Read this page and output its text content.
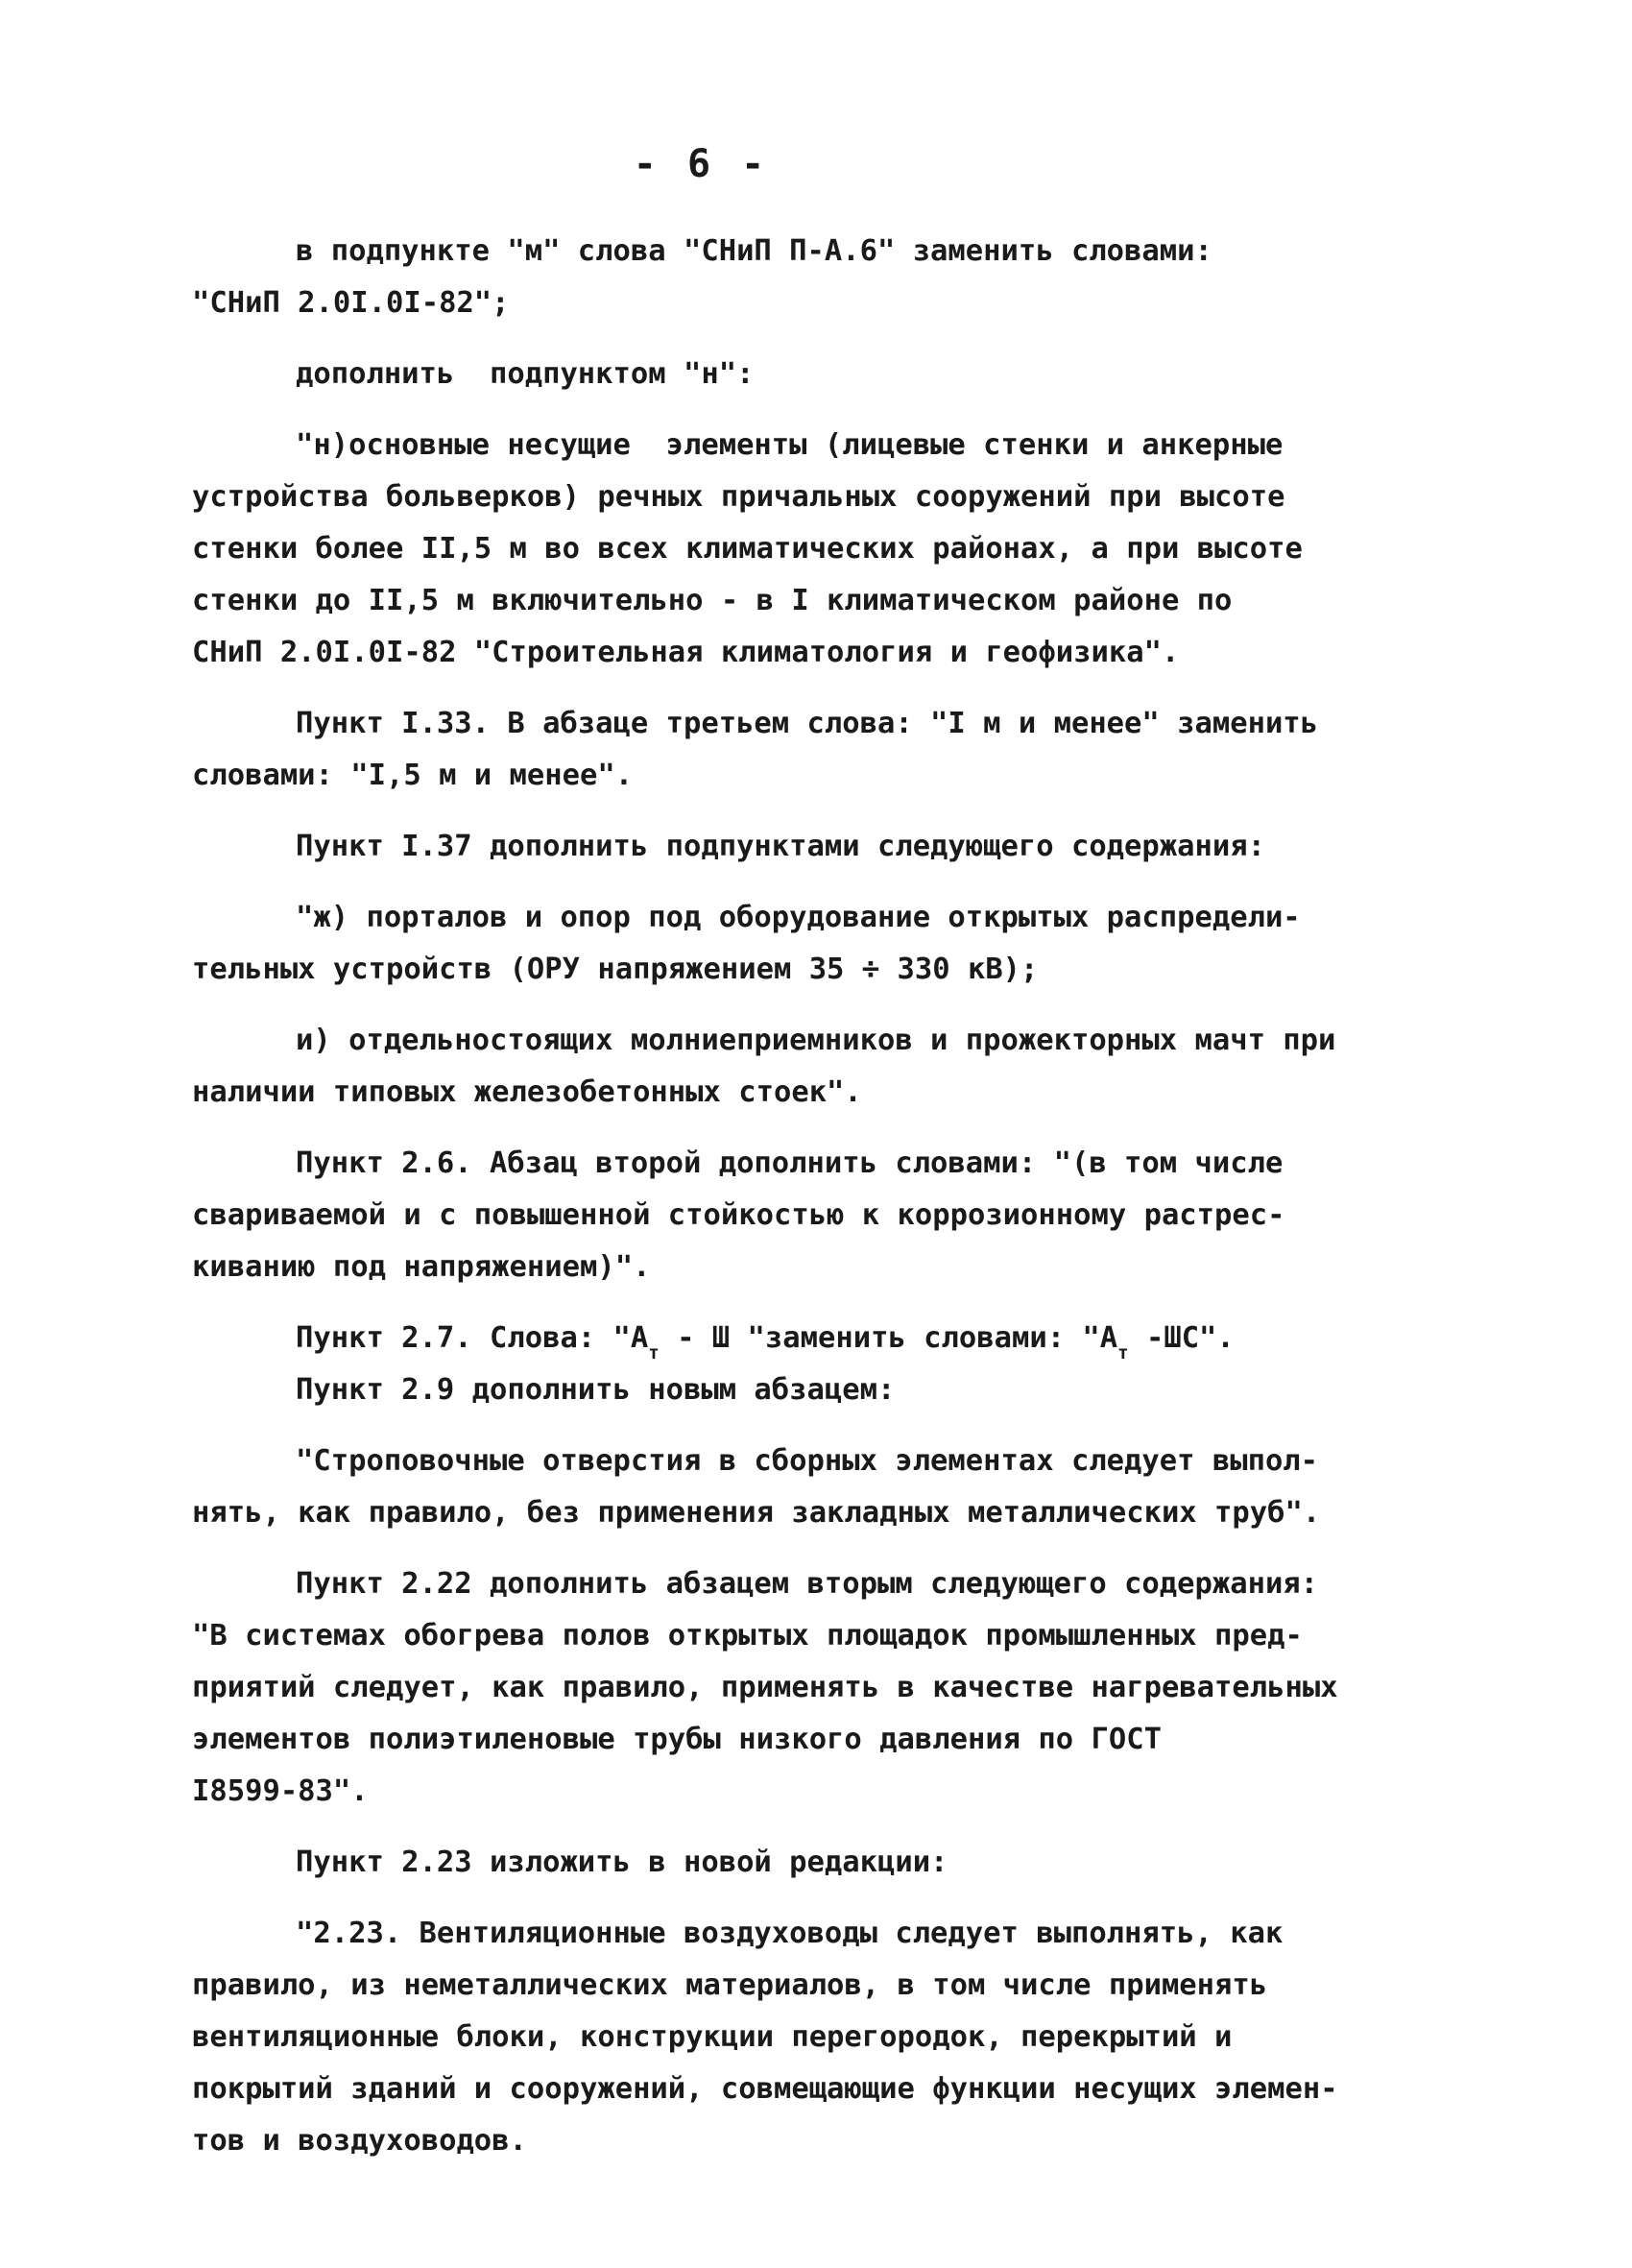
- 6 -
в подпункте "м" слова "СНиП П-А.6" заменить словами:
"СНиП 2.0I.0I-82";
дополнить  подпунктом "н":
"н)основные несущие  элементы (лицевые стенки и анкерные
устройства больверков) речных причальных сооружений при высоте
стенки более II,5 м во всех климатических районах, а при высоте
стенки до II,5 м включительно - в I климатическом районе по
СНиП 2.0I.0I-82 "Строительная климатология и геофизика".
Пункт I.33. В абзаце третьем слова: "I м и менее" заменить
словами: "I,5 м и менее".
Пункт I.37 дополнить подпунктами следующего содержания:
"ж) порталов и опор под оборудование открытых распредели-
тельных устройств (ОРУ напряжением 35 ÷ 330 кВ);
и) отдельностоящих молниеприемников и прожекторных мачт при
наличии типовых железобетонных стоек".
Пункт 2.6. Абзац второй дополнить словами: "(в том числе
свариваемой и с повышенной стойкостью к коррозионному растрес-
киванию под напряжением)".
Пункт 2.7. Слова: "$А_т$ - Ш "заменить словами: "$А_т$ -ШС".
Пункт 2.9 дополнить новым абзацем:
"Строповочные отверстия в сборных элементах следует выпол-
нять, как правило, без применения закладных металлических труб".
Пункт 2.22 дополнить абзацем вторым следующего содержания:
"В системах обогрева полов открытых площадок промышленных пред-
приятий следует, как правило, применять в качестве нагревательных
элементов полиэтиленовые трубы низкого давления по ГОСТ
I8599-83".
Пункт 2.23 изложить в новой редакции:
"2.23. Вентиляционные воздуховоды следует выполнять, как
правило, из неметаллических материалов, в том числе применять
вентиляционные блоки, конструкции перегородок, перекрытий и
покрытий зданий и сооружений, совмещающие функции несущих элемен-
тов и воздуховодов.
